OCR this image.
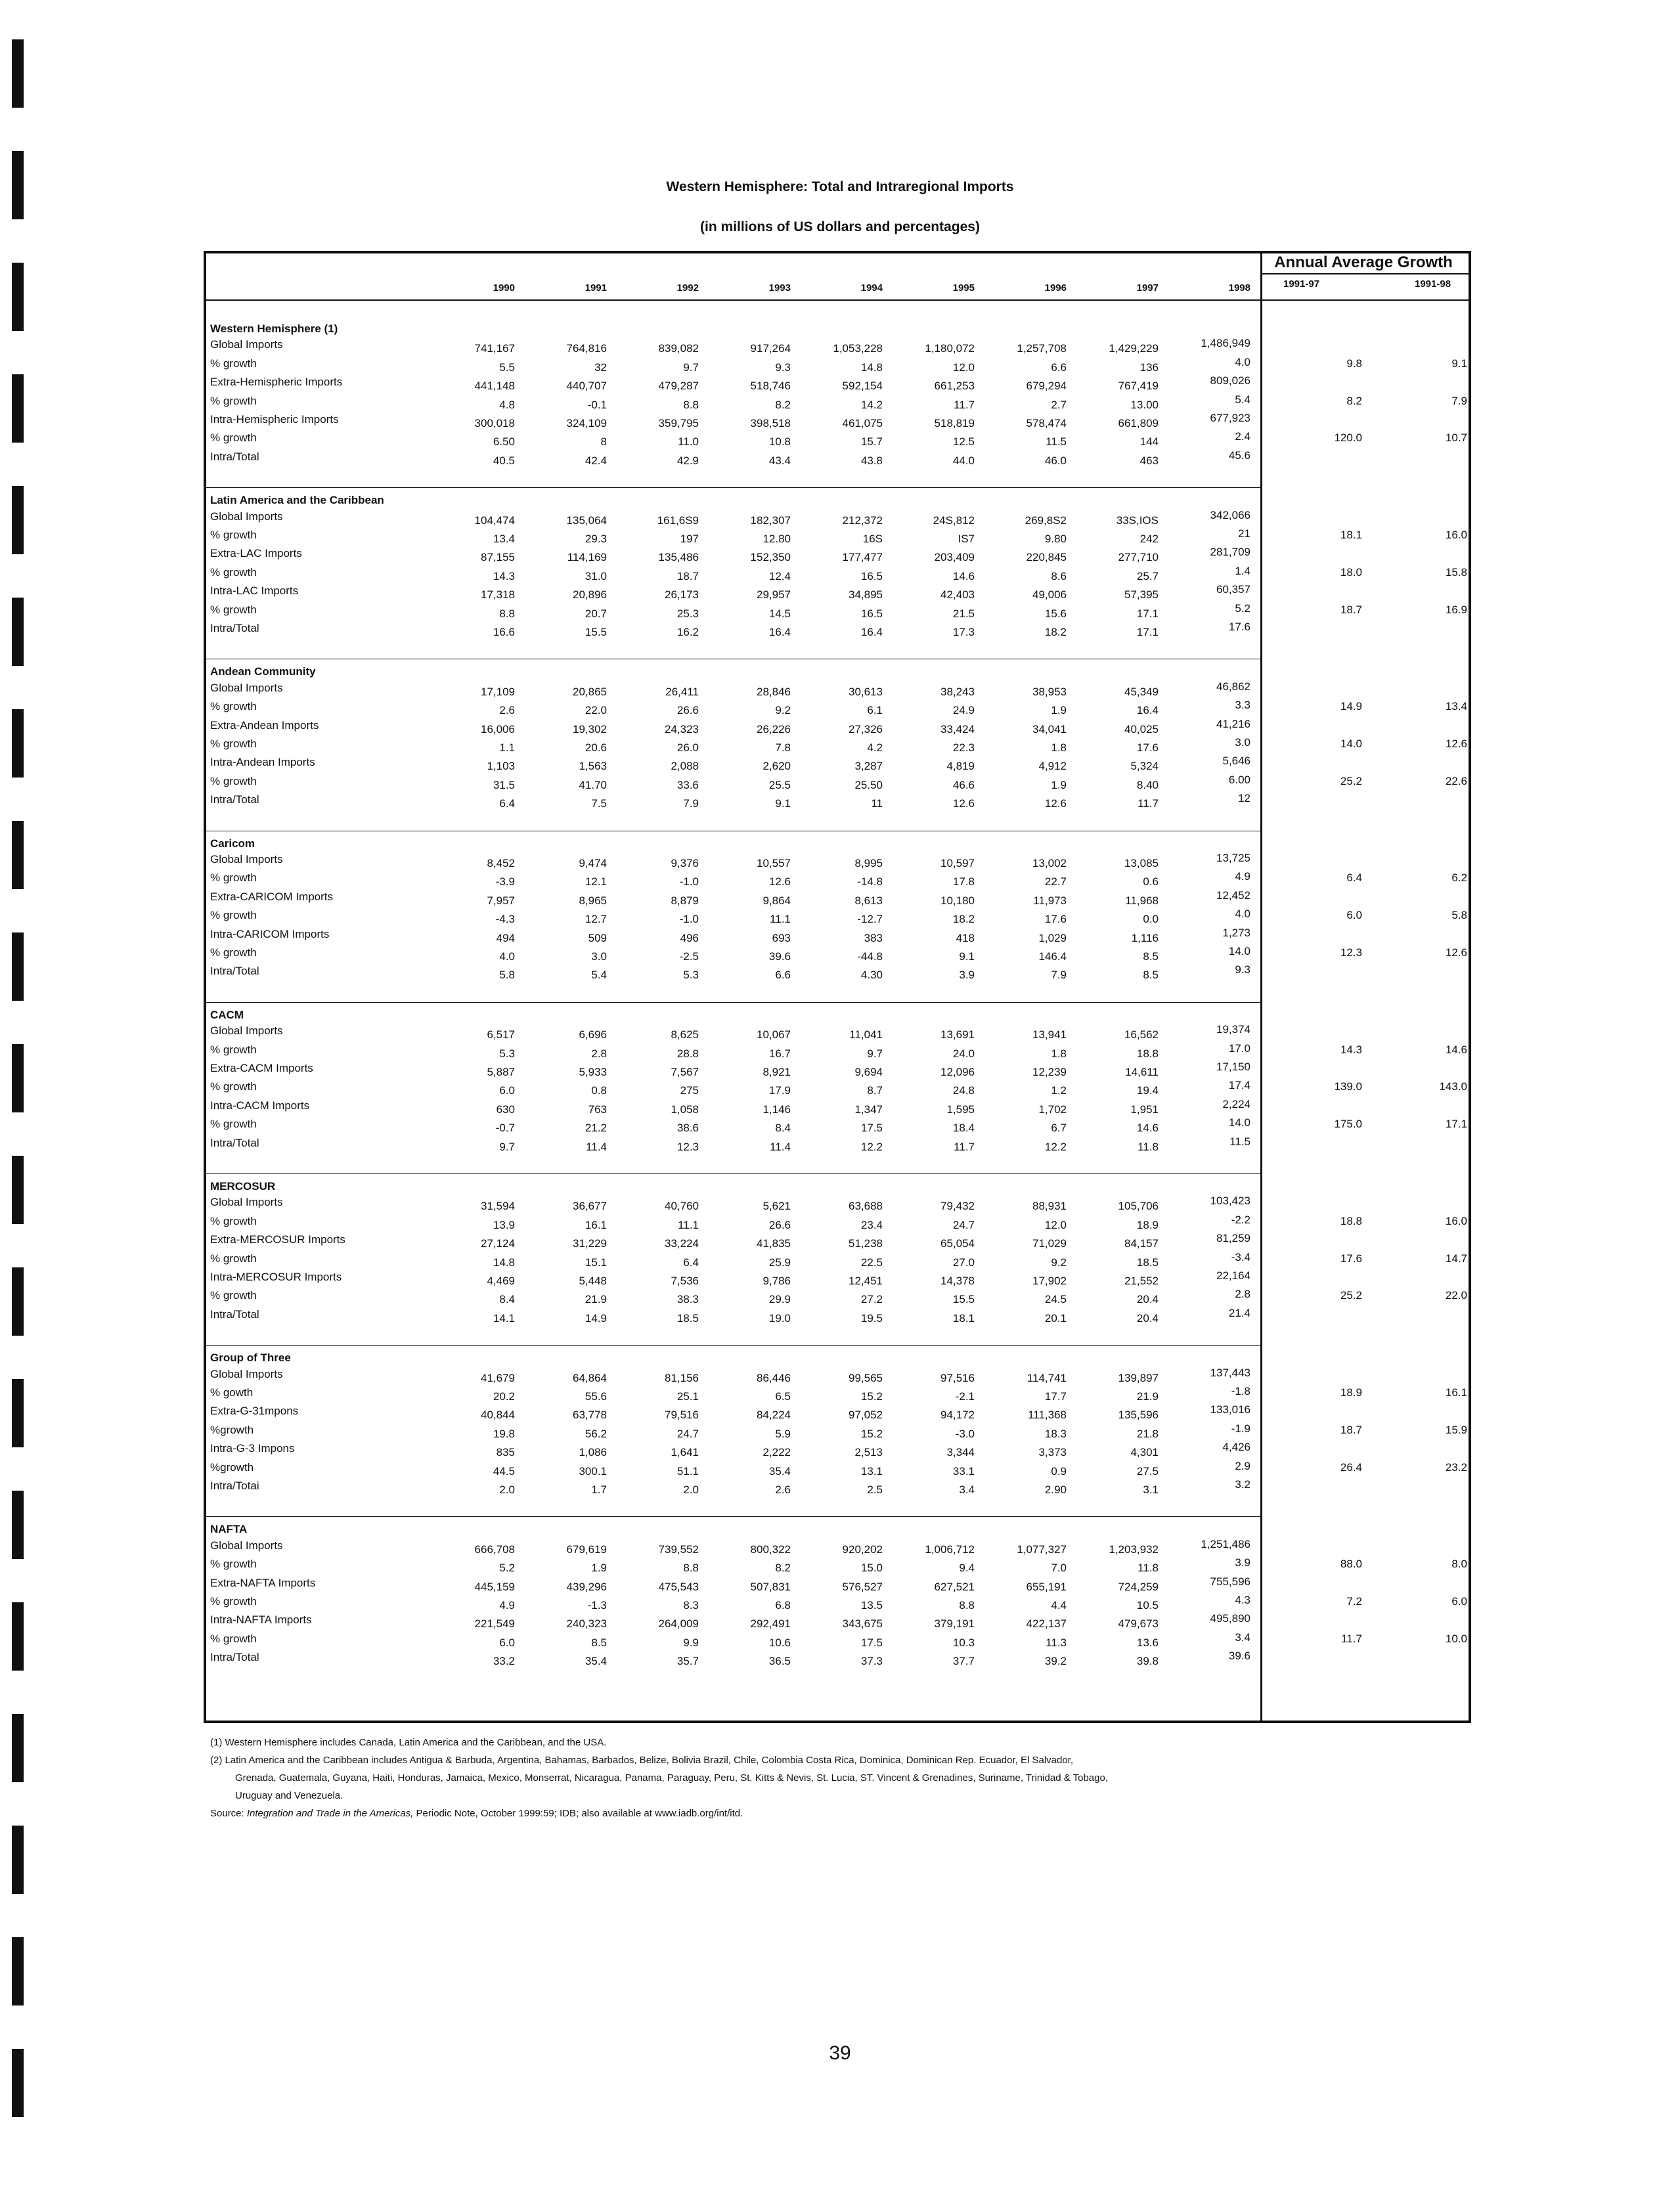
Western Hemisphere: Total and Intraregional Imports
(in millions of US dollars and percentages)
Annual Average Growth
1991-97	1991-98
1990	1991	1992	1993	1994	1995	1996	1997	1998
Western Hemisphere (1)
Global Imports	741,167	764,816	839,082	917,264	1,053,228	1,180,072	1,257,708	1,429,229	1,486,949
% growth	5.5	32	9.7	9.3	14.8	12.0	6.6	136	4.0	9.8	9.1
Extra-Hemispheric Imports	441,148	440,707	479,287	518,746	592,154	661,253	679,294	767,419	809,026
% growth	4.8	-0.1	8.8	8.2	14.2	11.7	2.7	13.00	5.4	8.2	7.9
Intra-Hemispheric Imports	300,018	324,109	359,795	398,518	461,075	518,819	578,474	661,809	677,923
% growth	6.50	8	11.0	10.8	15.7	12.5	11.5	144	2.4	120.0	10.7
Intra/Total	40.5	42.4	42.9	43.4	43.8	44.0	46.0	463	45.6
Latin America and the Caribbean
Global Imports	104,474	135,064	161,6S9	182,307	212,372	24S,812	269,8S2	33S,IOS	342,066
% growth	13.4	29.3	197	12.80	16S	IS7	9.80	242	21	18.1	16.0
Extra-LAC Imports	87,155	114,169	135,486	152,350	177,477	203,409	220,845	277,710	281,709
% growth	14.3	31.0	18.7	12.4	16.5	14.6	8.6	25.7	1.4	18.0	15.8
Intra-LAC Imports	17,318	20,896	26,173	29,957	34,895	42,403	49,006	57,395	60,357
% growth	8.8	20.7	25.3	14.5	16.5	21.5	15.6	17.1	5.2	18.7	16.9
Intra/Total	16.6	15.5	16.2	16.4	16.4	17.3	18.2	17.1	17.6
Andean Community
Global Imports	17,109	20,865	26,411	28,846	30,613	38,243	38,953	45,349	46,862
% growth	2.6	22.0	26.6	9.2	6.1	24.9	1.9	16.4	3.3	14.9	13.4
Extra-Andean Imports	16,006	19,302	24,323	26,226	27,326	33,424	34,041	40,025	41,216
% growth	1.1	20.6	26.0	7.8	4.2	22.3	1.8	17.6	3.0	14.0	12.6
Intra-Andean Imports	1,103	1,563	2,088	2,620	3,287	4,819	4,912	5,324	5,646
% growth	31.5	41.70	33.6	25.5	25.50	46.6	1.9	8.40	6.00	25.2	22.6
Intra/Total	6.4	7.5	7.9	9.1	11	12.6	12.6	11.7	12
Caricom
Global Imports	8,452	9,474	9,376	10,557	8,995	10,597	13,002	13,085	13,725
% growth	-3.9	12.1	-1.0	12.6	-14.8	17.8	22.7	0.6	4.9	6.4	6.2
Extra-CARICOM Imports	7,957	8,965	8,879	9,864	8,613	10,180	11,973	11,968	12,452
% growth	-4.3	12.7	-1.0	11.1	-12.7	18.2	17.6	0.0	4.0	6.0	5.8
Intra-CARICOM Imports	494	509	496	693	383	418	1,029	1,116	1,273
% growth	4.0	3.0	-2.5	39.6	-44.8	9.1	146.4	8.5	14.0	12.3	12.6
Intra/Total	5.8	5.4	5.3	6.6	4.30	3.9	7.9	8.5	9.3
CACM
Global Imports	6,517	6,696	8,625	10,067	11,041	13,691	13,941	16,562	19,374
% growth	5.3	2.8	28.8	16.7	9.7	24.0	1.8	18.8	17.0	14.3	14.6
Extra-CACM Imports	5,887	5,933	7,567	8,921	9,694	12,096	12,239	14,611	17,150
% growth	6.0	0.8	275	17.9	8.7	24.8	1.2	19.4	17.4	139.0	143.0
Intra-CACM Imports	630	763	1,058	1,146	1,347	1,595	1,702	1,951	2,224
% growth	-0.7	21.2	38.6	8.4	17.5	18.4	6.7	14.6	14.0	175.0	17.1
Intra/Total	9.7	11.4	12.3	11.4	12.2	11.7	12.2	11.8	11.5
MERCOSUR
Global Imports	31,594	36,677	40,760	5,621	63,688	79,432	88,931	105,706	103,423
% growth	13.9	16.1	11.1	26.6	23.4	24.7	12.0	18.9	-2.2	18.8	16.0
Extra-MERCOSUR Imports	27,124	31,229	33,224	41,835	51,238	65,054	71,029	84,157	81,259
% growth	14.8	15.1	6.4	25.9	22.5	27.0	9.2	18.5	-3.4	17.6	14.7
Intra-MERCOSUR Imports	4,469	5,448	7,536	9,786	12,451	14,378	17,902	21,552	22,164
% growth	8.4	21.9	38.3	29.9	27.2	15.5	24.5	20.4	2.8	25.2	22.0
Intra/Total	14.1	14.9	18.5	19.0	19.5	18.1	20.1	20.4	21.4
Group of Three
Global Imports	41,679	64,864	81,156	86,446	99,565	97,516	114,741	139,897	137,443
% gowth	20.2	55.6	25.1	6.5	15.2	-2.1	17.7	21.9	-1.8	18.9	16.1
Extra-G-31mpons	40,844	63,778	79,516	84,224	97,052	94,172	111,368	135,596	133,016
%growth	19.8	56.2	24.7	5.9	15.2	-3.0	18.3	21.8	-1.9	18.7	15.9
Intra-G-3 Impons	835	1,086	1,641	2,222	2,513	3,344	3,373	4,301	4,426
%growth	44.5	300.1	51.1	35.4	13.1	33.1	0.9	27.5	2.9	26.4	23.2
Intra/Totai	2.0	1.7	2.0	2.6	2.5	3.4	2.90	3.1	3.2
NAFTA
Global Imports	666,708	679,619	739,552	800,322	920,202	1,006,712	1,077,327	1,203,932	1,251,486
% growth	5.2	1.9	8.8	8.2	15.0	9.4	7.0	11.8	3.9	88.0	8.0
Extra-NAFTA Imports	445,159	439,296	475,543	507,831	576,527	627,521	655,191	724,259	755,596
% growth	4.9	-1.3	8.3	6.8	13.5	8.8	4.4	10.5	4.3	7.2	6.0
Intra-NAFTA Imports	221,549	240,323	264,009	292,491	343,675	379,191	422,137	479,673	495,890
% growth	6.0	8.5	9.9	10.6	17.5	10.3	11.3	13.6	3.4	11.7	10.0
Intra/Total	33.2	35.4	35.7	36.5	37.3	37.7	39.2	39.8	39.6

(1) Western Hemisphere includes Canada, Latin America and the Caribbean, and the USA.

(2) Latin America and the Caribbean includes Antigua & Barbuda, Argentina, Bahamas, Barbados, Belize, Bolivia Brazil, Chile, Colombia Costa Rica, Dominica, Dominican Rep. Ecuador, El Salvador,

Grenada, Guatemala, Guyana, Haiti, Honduras, Jamaica, Mexico, Monserrat, Nicaragua, Panama, Paraguay, Peru, St. Kitts & Nevis, St. Lucia, ST. Vincent & Grenadines, Suriname, Trinidad & Tobago,

Uruguay and Venezuela.

Source: Integration and Trade in the Americas, Periodic Note, October 1999:59; IDB; also available at www.iadb.org/int/itd.

39
